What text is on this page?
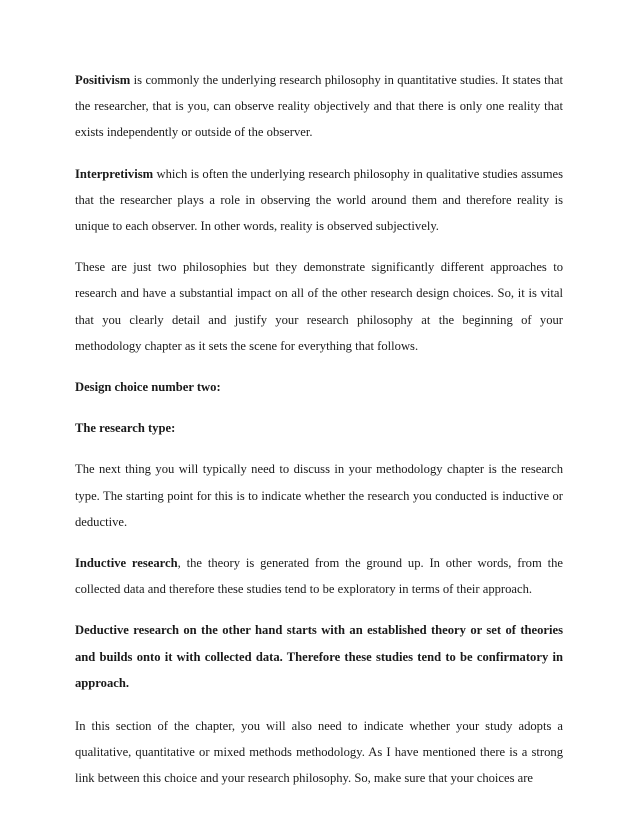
Positivism is commonly the underlying research philosophy in quantitative studies. It states that the researcher, that is you, can observe reality objectively and that there is only one reality that exists independently or outside of the observer.

Interpretivism which is often the underlying research philosophy in qualitative studies assumes that the researcher plays a role in observing the world around them and therefore reality is unique to each observer. In other words, reality is observed subjectively.

These are just two philosophies but they demonstrate significantly different approaches to research and have a substantial impact on all of the other research design choices. So, it is vital that you clearly detail and justify your research philosophy at the beginning of your methodology chapter as it sets the scene for everything that follows.

Design choice number two:

The research type:

The next thing you will typically need to discuss in your methodology chapter is the research type. The starting point for this is to indicate whether the research you conducted is inductive or deductive.

Inductive research, the theory is generated from the ground up. In other words, from the collected data and therefore these studies tend to be exploratory in terms of their approach.

Deductive research on the other hand starts with an established theory or set of theories and builds onto it with collected data. Therefore these studies tend to be confirmatory in approach.

In this section of the chapter, you will also need to indicate whether your study adopts a qualitative, quantitative or mixed methods methodology. As I have mentioned there is a strong link between this choice and your research philosophy. So, make sure that your choices are
